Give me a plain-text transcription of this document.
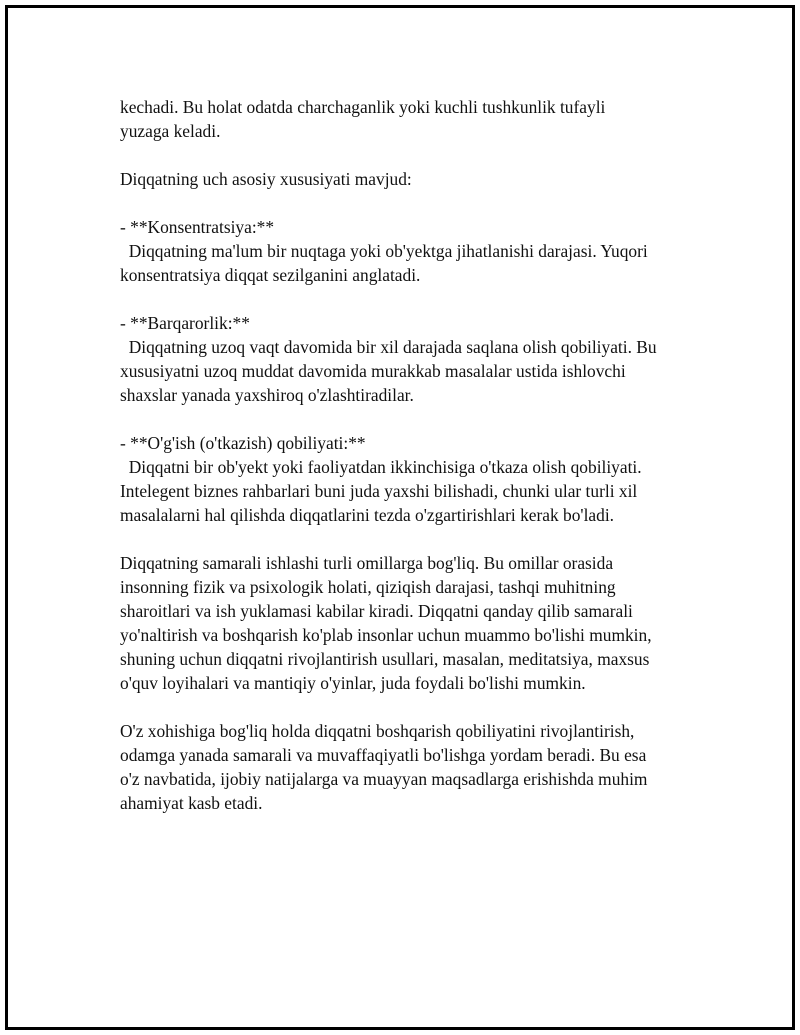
kechadi. Bu holat odatda charchaganlik yoki kuchli tushkunlik tufayli
yuzaga keladi.

Diqqatning uch asosiy xususiyati mavjud:

- **Konsentratsiya:**
Diqqatning ma'lum bir nuqtaga yoki ob'yektga jihatlanishi darajasi. Yuqori
konsentratsiya diqqat sezilganini anglatadi.

- **Barqarorlik:**
Diqqatning uzoq vaqt davomida bir xil darajada saqlana olish qobiliyati. Bu
xususiyatni uzoq muddat davomida murakkab masalalar ustida ishlovchi
shaxslar yanada yaxshiroq o'zlashtiradilar.

- **O'g'ish (o'tkazish) qobiliyati:**
Diqqatni bir ob'yekt yoki faoliyatdan ikkinchisiga o'tkaza olish qobiliyati.
Intelegent biznes rahbarlari buni juda yaxshi bilishadi, chunki ular turli xil
masalalarni hal qilishda diqqatlarini tezda o'zgartirishlari kerak bo'ladi.

Diqqatning samarali ishlashi turli omillarga bog'liq. Bu omillar orasida
insonning fizik va psixologik holati, qiziqish darajasi, tashqi muhitning
sharoitlari va ish yuklamasi kabilar kiradi. Diqqatni qanday qilib samarali
yo'naltirish va boshqarish ko'plab insonlar uchun muammo bo'lishi mumkin,
shuning uchun diqqatni rivojlantirish usullari, masalan, meditatsiya, maxsus
o'quv loyihalari va mantiqiy o'yinlar, juda foydali bo'lishi mumkin.

O'z xohishiga bog'liq holda diqqatni boshqarish qobiliyatini rivojlantirish,
odamga yanada samarali va muvaffaqiyatli bo'lishga yordam beradi. Bu esa
o'z navbatida, ijobiy natijalarga va muayyan maqsadlarga erishishda muhim
ahamiyat kasb etadi.
